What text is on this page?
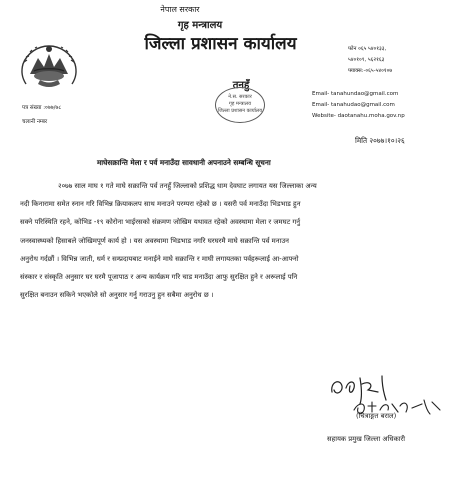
नेपाल सरकार
गृह मन्त्रालय
जिल्ला प्रशासन कार्यालय	फोन ०६५ ५४०१३३,
५४०१०९, ५६२१६३
फ्याक्स:-०६५-५४०१०७
तनहुँ
ने.स. सरकार
गृह मन्त्रालय
जिल्ला प्रशासन कार्यालय
Email- tanahundao@gmail.com
Email- tanahudao@gmail.com
Website- daotanahu.moha.gov.np
पत्र संख्या :०७७/७८
चलानी नम्बर
मिति २०७७।१०।२६
माघेसक्रान्ति मेला र पर्व मनाउँदा सावधानी अपनाउने सम्बन्धि सूचना
२०७७ साल माघ १ गते माघे सक्रान्ति पर्व तनहुँ जिल्लाको प्रशिद्ध धाम देवघाट लगायत यस जिल्लाका अन्य
नदी किनारामा समेत स्नान गरि विभिन्न क्रियाकलप साथ मनाउने परम्परा रहेको छ । यसरी पर्व मनाउँदा भिडभाड हुन
सक्ने परिस्थिति रहने, कोभिड -१९ कोरोना भाईरसको संक्रमण जोखिम यथावत रहेको अवस्थामा मेला र जमघट गर्नु
जनस्वास्थ्यको हिसाबले जोखिमपूर्ण कार्य हो । यस अवस्थामा भिडभाड नगरि घरघरमै माघे सक्रान्ति पर्व मनाउन
अनुरोध गर्दछौं । विभिन्न जाती, धर्म र सम्प्रदायबाट मनाईने माघे सक्रान्ति र माघी लगायतका पर्वहरूलाई आ-आफ्नो
संस्कार र संस्कृति अनुसार घर घरमै पूजापाठ र अन्य कार्यक्रम गरि चाड मनाउँदा आफु सुरक्षित हुने र अरूलाई पनि
सुरक्षित बनाउन सकिने भएकोले सो अनुसार गर्नु गराउनु हुन सबैमा अनुरोध छ ।
(चित्राङ्गत बराल)
सहायक प्रमुख जिल्ला अधिकारी
